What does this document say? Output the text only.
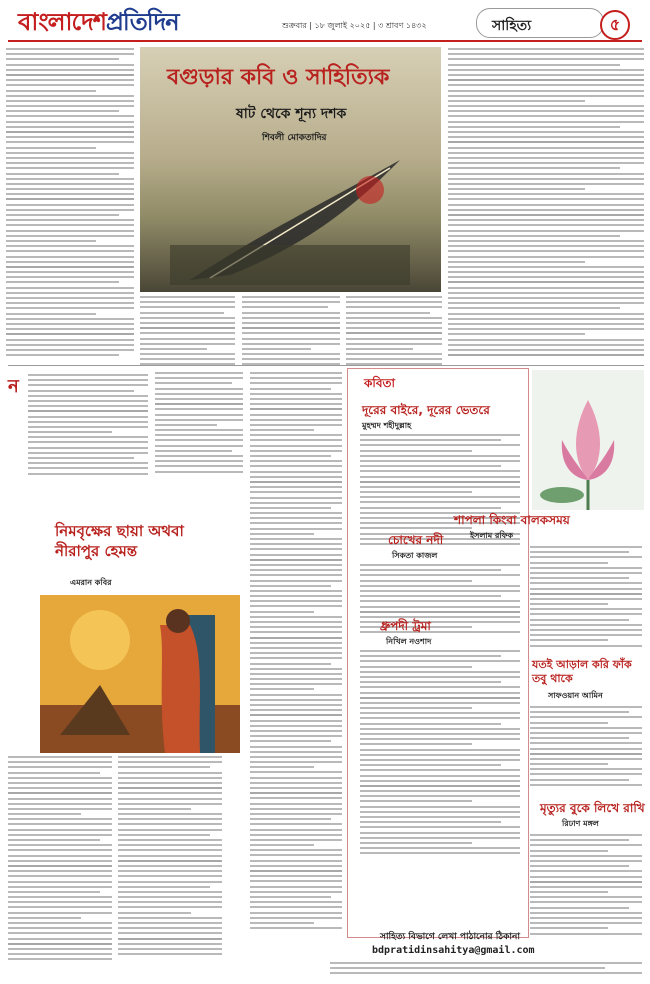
বাংলাদেশপ্রতিদিন	শুক্রবার | ১৮ জুলাই ২০২৫ | ৩ শ্রাবণ ১৪৩২	সাহিত্য	৫
বগুড়ার কবি ও সাহিত্যিক
ষাট থেকে শূন্য দশক
শিবলী মোকতাদির
ন
নিমবৃক্ষের ছায়া অথবা
নীরাপুর হেমন্ত
এমরান কবির
কবিতা
দূরের বাইরে, দূরের ভেতরে
মুহম্মদ শহীদুল্লাহ
চোখের নদী
সিকতা কাজল
ধ্রুপদী ট্রমা
নিখিল নওশাদ
শাপলা কিংবা বালকসময়
ইসলাম রফিক
যতই আড়াল করি ফাঁক তবু থাকে
সাফওয়ান আমিন
মৃত্যুর বুকে লিখে রাখি
রিঢাণ মঙ্গল
সাহিত্য বিভাগে লেখা পাঠানোর ঠিকানা
bdpratidinsahitya@gmail.com
